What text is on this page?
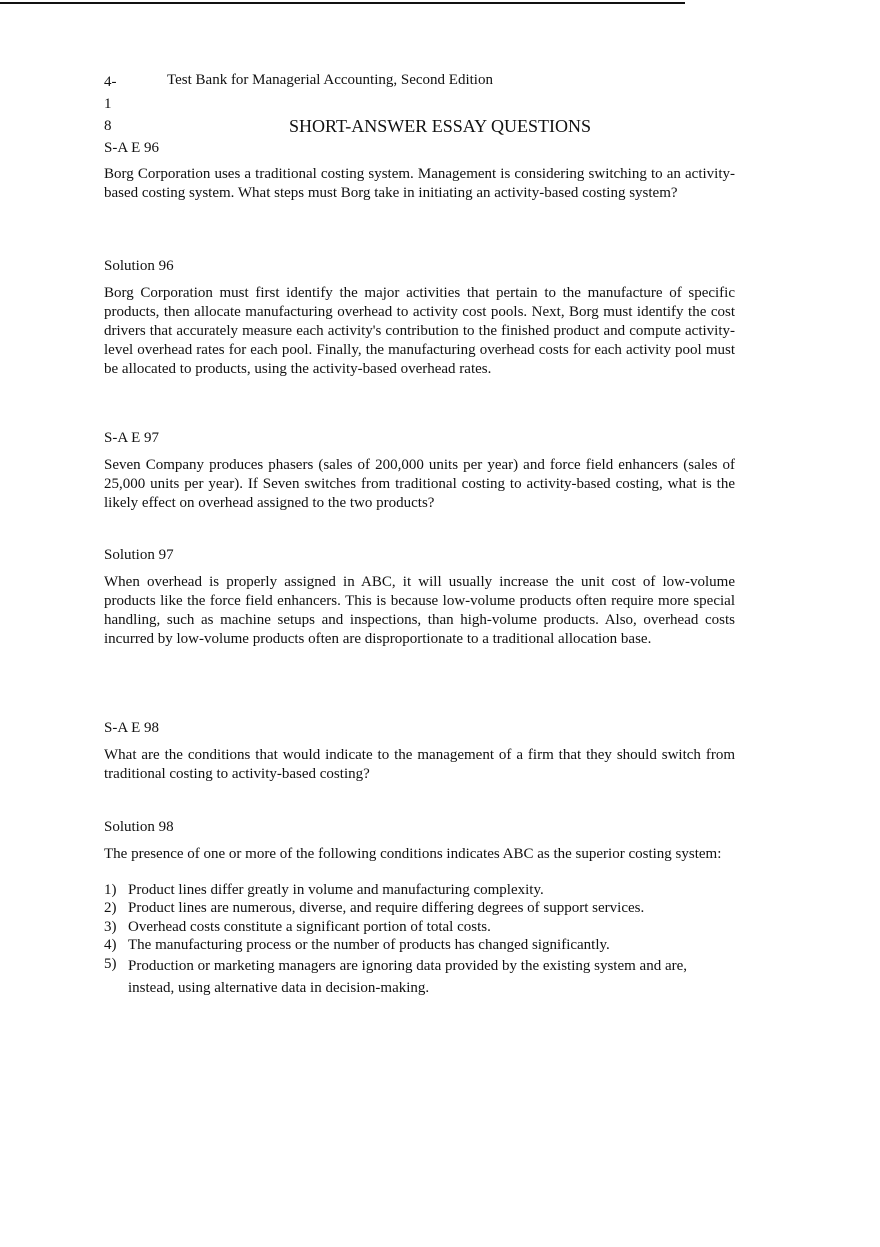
4-
1
8
Test Bank for Managerial Accounting, Second Edition
SHORT-ANSWER ESSAY QUESTIONS
S-A E 96
Borg Corporation uses a traditional costing system. Management is considering switching to an activity-based costing system. What steps must Borg take in initiating an activity-based costing system?
Solution 96
Borg Corporation must first identify the major activities that pertain to the manufacture of specific products, then allocate manufacturing overhead to activity cost pools. Next, Borg must identify the cost drivers that accurately measure each activity's contribution to the finished product and compute activity-level overhead rates for each pool. Finally, the manufacturing overhead costs for each activity pool must be allocated to products, using the activity-based overhead rates.
S-A E 97
Seven Company produces phasers (sales of 200,000 units per year) and force field enhancers (sales of 25,000 units per year). If Seven switches from traditional costing to activity-based costing, what is the likely effect on overhead assigned to the two products?
Solution 97
When overhead is properly assigned in ABC, it will usually increase the unit cost of low-volume products like the force field enhancers. This is because low-volume products often require more special handling, such as machine setups and inspections, than high-volume products. Also, overhead costs incurred by low-volume products often are disproportionate to a traditional allocation base.
S-A E 98
What are the conditions that would indicate to the management of a firm that they should switch from traditional costing to activity-based costing?
Solution 98
The presence of one or more of the following conditions indicates ABC as the superior costing system:
1) Product lines differ greatly in volume and manufacturing complexity.
2) Product lines are numerous, diverse, and require differing degrees of support services.
3) Overhead costs constitute a significant portion of total costs.
4) The manufacturing process or the number of products has changed significantly.
5) Production or marketing managers are ignoring data provided by the existing system and are, instead, using alternative data in decision-making.
